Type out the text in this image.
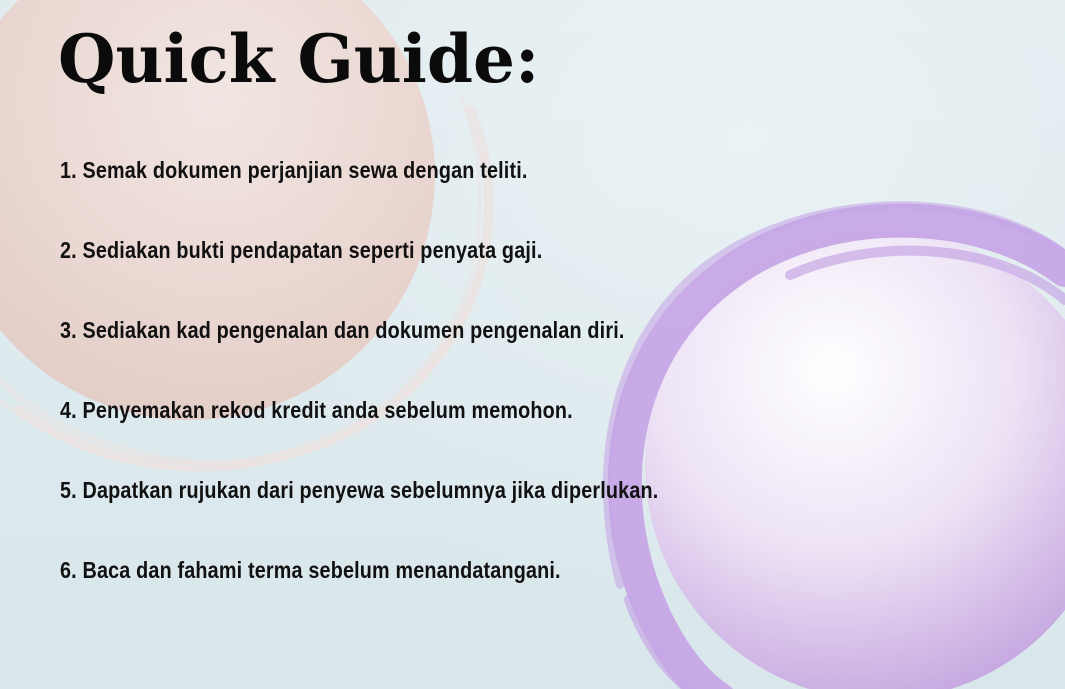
Quick Guide:
1. Semak dokumen perjanjian sewa dengan teliti.
2. Sediakan bukti pendapatan seperti penyata gaji.
3. Sediakan kad pengenalan dan dokumen pengenalan diri.
4. Penyemakan rekod kredit anda sebelum memohon.
5. Dapatkan rujukan dari penyewa sebelumnya jika diperlukan.
6. Baca dan fahami terma sebelum menandatangani.
